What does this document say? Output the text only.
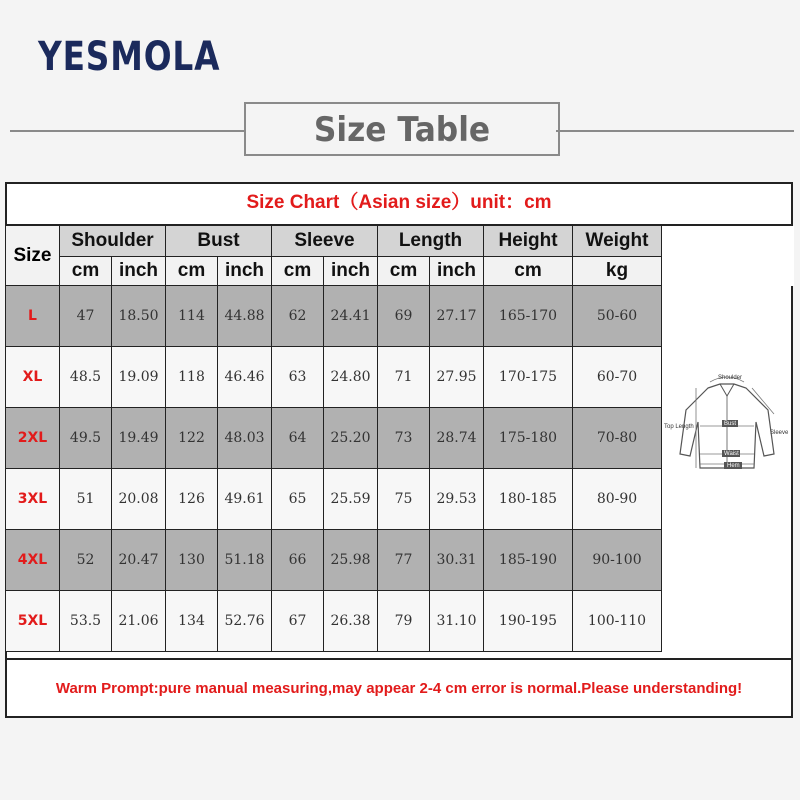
YESMOLA
Size Table
Size Chart（Asian size）unit：cm
Size	Shoulder		Bust		Sleeve		Length		Height	Weight	
	cm	inch	cm	inch	cm	inch	cm	inch	cm	kg	
L	47	18.50	114	44.88	62	24.41	69	27.17	165-170	50-60	
XL	48.5	19.09	118	46.46	63	24.80	71	27.95	170-175	60-70	
2XL	49.5	19.49	122	48.03	64	25.20	73	28.74	175-180	70-80	
3XL	51	20.08	126	49.61	65	25.59	75	29.53	180-185	80-90	
4XL	52	20.47	130	51.18	66	25.98	77	30.31	185-190	90-100	
5XL	53.5	21.06	134	52.76	67	26.38	79	31.10	190-195	100-110	
Shoulder
Top Length	Bust
Sleeve
Waist
Hem
Warm Prompt:pure manual measuring,may appear 2-4 cm error is normal.Please understanding!
